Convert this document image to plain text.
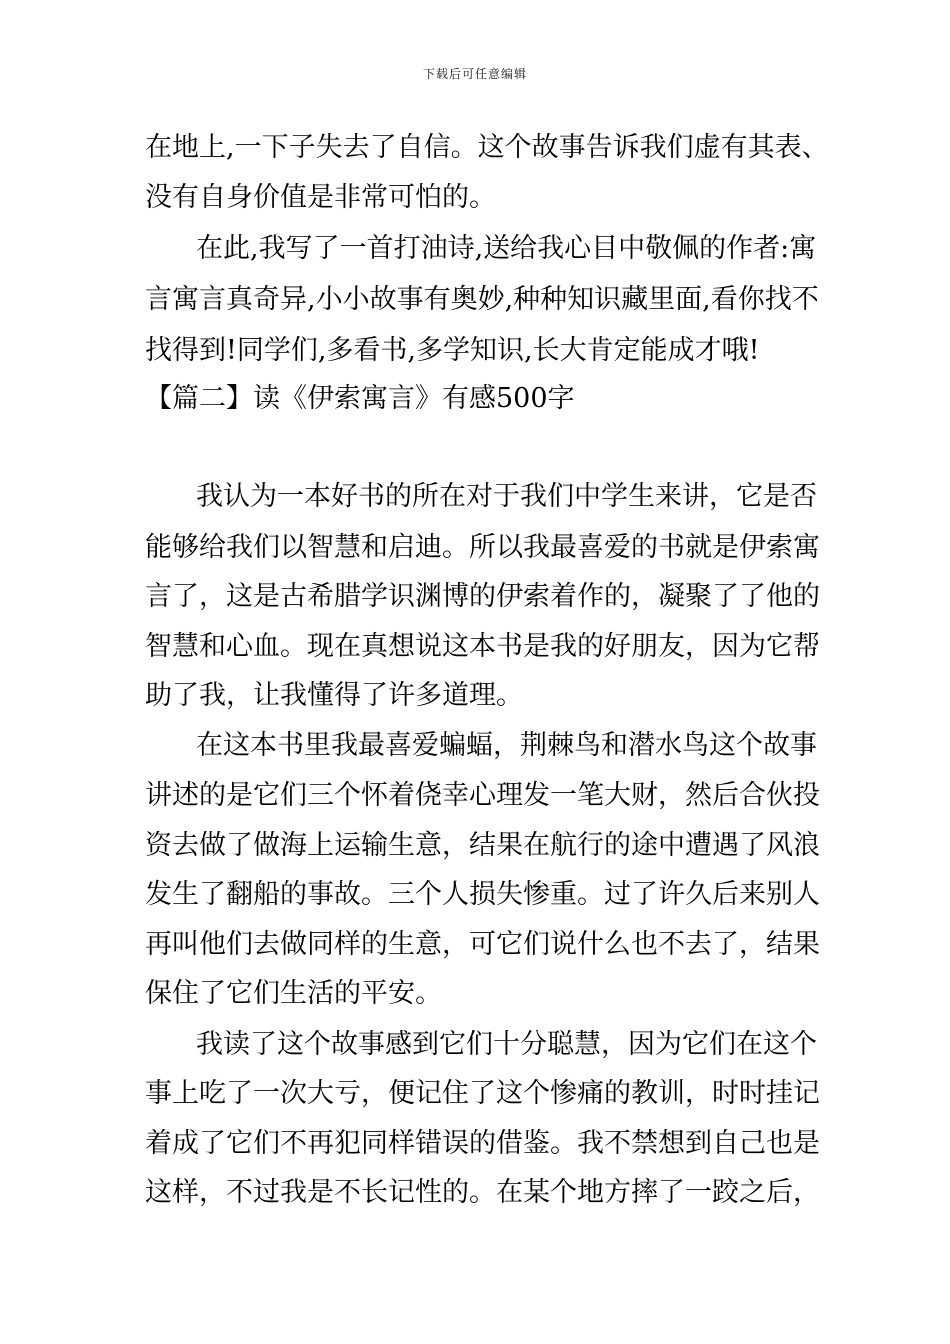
下载后可任意编辑
在地上,一下子失去了自信。这个故事告诉我们虚有其表、
没有自身价值是非常可怕的。
在此,我写了一首打油诗,送给我心目中敬佩的作者:寓
言寓言真奇异,小小故事有奥妙,种种知识藏里面,看你找不
找得到!同学们,多看书,多学知识,长大肯定能成才哦!
【篇二】读《伊索寓言》有感500字
我认为一本好书的所在对于我们中学生来讲，它是否
能够给我们以智慧和启迪。所以我最喜爱的书就是伊索寓
言了，这是古希腊学识渊博的伊索着作的，凝聚了了他的
智慧和心血。现在真想说这本书是我的好朋友，因为它帮
助了我，让我懂得了许多道理。
在这本书里我最喜爱蝙蝠，荆棘鸟和潜水鸟这个故事
讲述的是它们三个怀着侥幸心理发一笔大财，然后合伙投
资去做了做海上运输生意，结果在航行的途中遭遇了风浪
发生了翻船的事故。三个人损失惨重。过了许久后来别人
再叫他们去做同样的生意，可它们说什么也不去了，结果
保住了它们生活的平安。
我读了这个故事感到它们十分聪慧，因为它们在这个
事上吃了一次大亏，便记住了这个惨痛的教训，时时挂记
着成了它们不再犯同样错误的借鉴。我不禁想到自己也是
这样，不过我是不长记性的。在某个地方摔了一跤之后，
